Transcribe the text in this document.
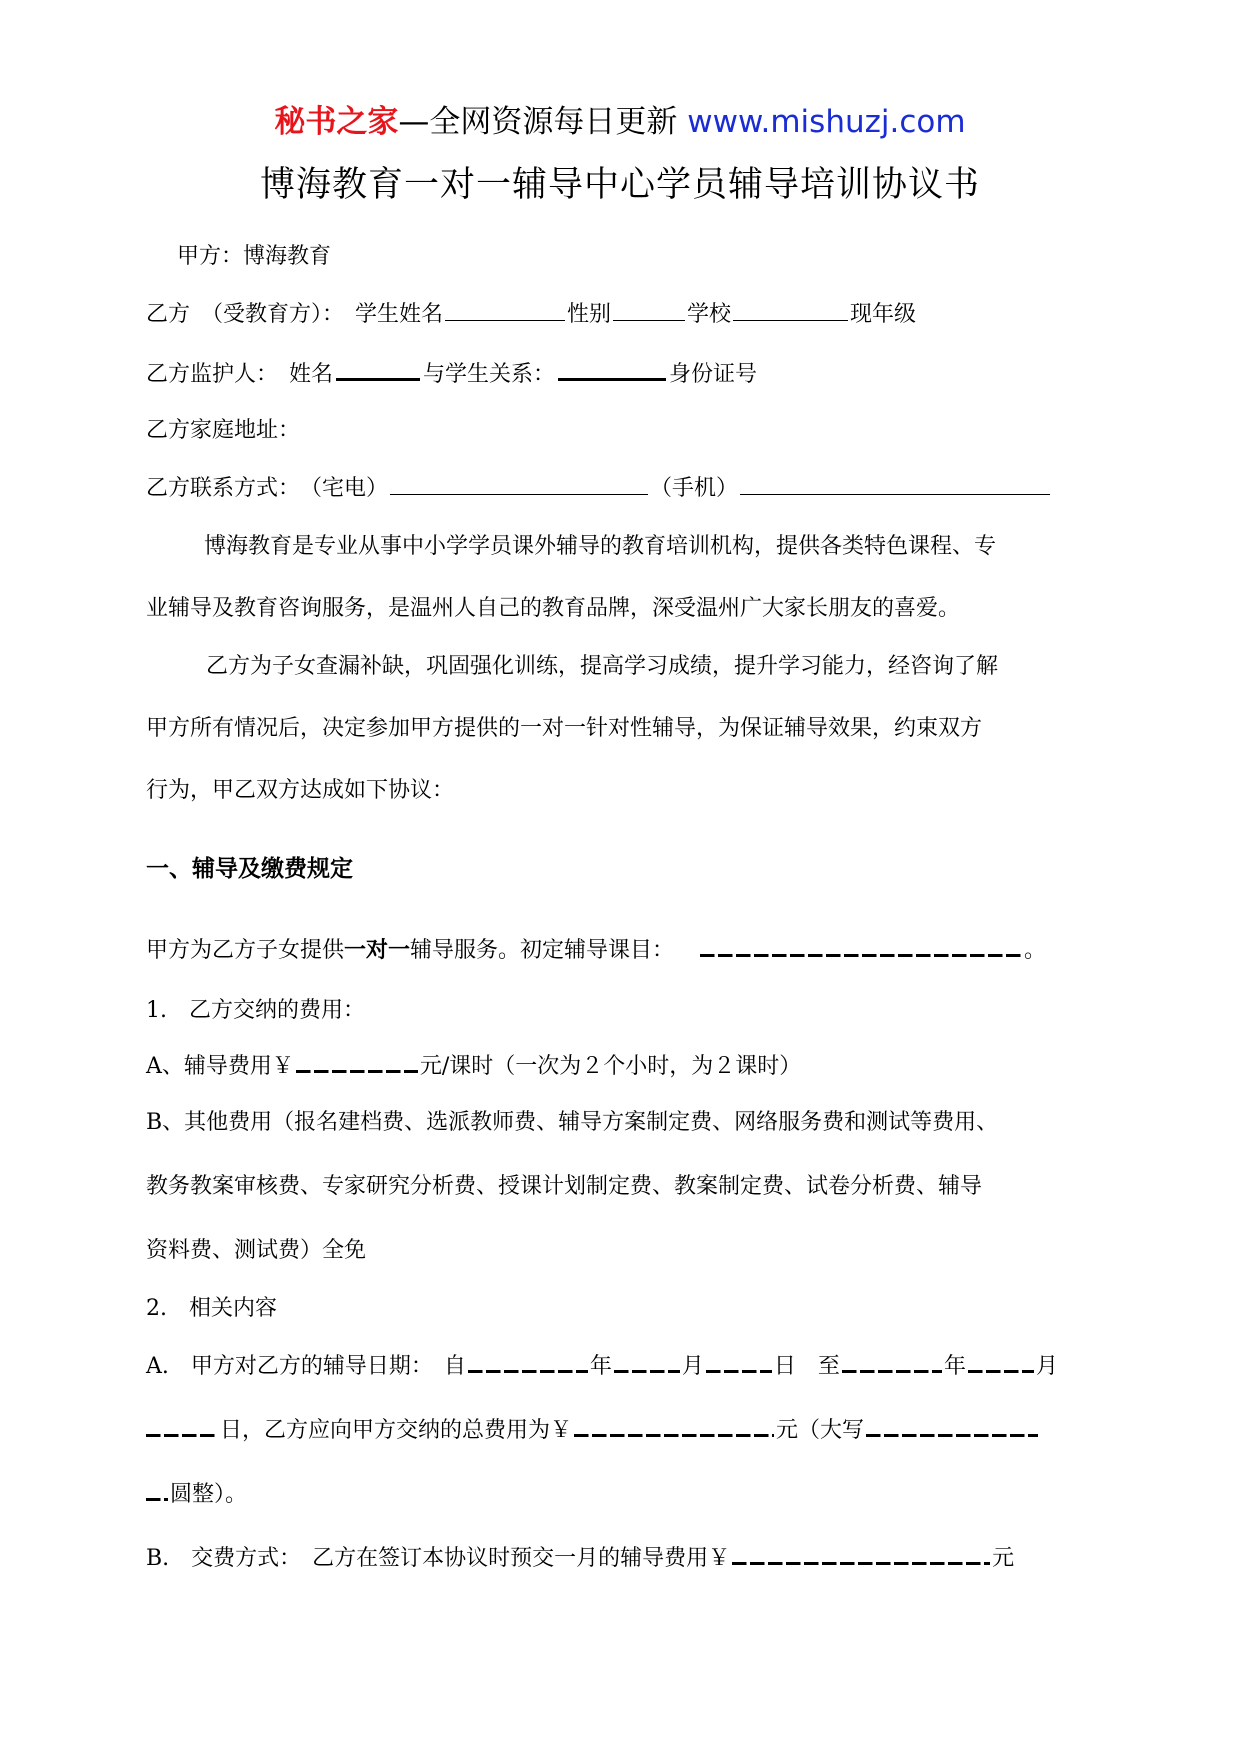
秘书之家—全网资源每日更新 www.mishuzj.com
博海教育一对一辅导中心学员辅导培训协议书
甲方：博海教育
乙方　（受教育方）：　学生姓名	性别	学校	现年级
乙方监护人：　姓名	与学生关系：	身份证号
乙方家庭地址：
乙方联系方式：　（宅电）	（手机）
博海教育是专业从事中小学学员课外辅导的教育培训机构，提供各类特色课程、专
业辅导及教育咨询服务，是温州人自己的教育品牌，深受温州广大家长朋友的喜爱。
乙方为子女查漏补缺，巩固强化训练，提高学习成绩，提升学习能力，经咨询了解
甲方所有情况后，决定参加甲方提供的一对一针对性辅导，为保证辅导效果，约束双方
行为，甲乙双方达成如下协议：
一、辅导及缴费规定
甲方为乙方子女提供一对一辅导服务。初定辅导课目：	。
1.　乙方交纳的费用：
A、辅导费用￥	元/课时（一次为２个小时，为２课时）
B、其他费用（报名建档费、选派教师费、辅导方案制定费、网络服务费和测试等费用、
教务教案审核费、专家研究分析费、授课计划制定费、教案制定费、试卷分析费、辅导
资料费、测试费）全免
2.　相关内容
A.　甲方对乙方的辅导日期：　自	年	月	日　至	年	月
日，乙方应向甲方交纳的总费用为￥	元（大写
圆整）。
B.　交费方式：　乙方在签订本协议时预交一月的辅导费用￥	元
